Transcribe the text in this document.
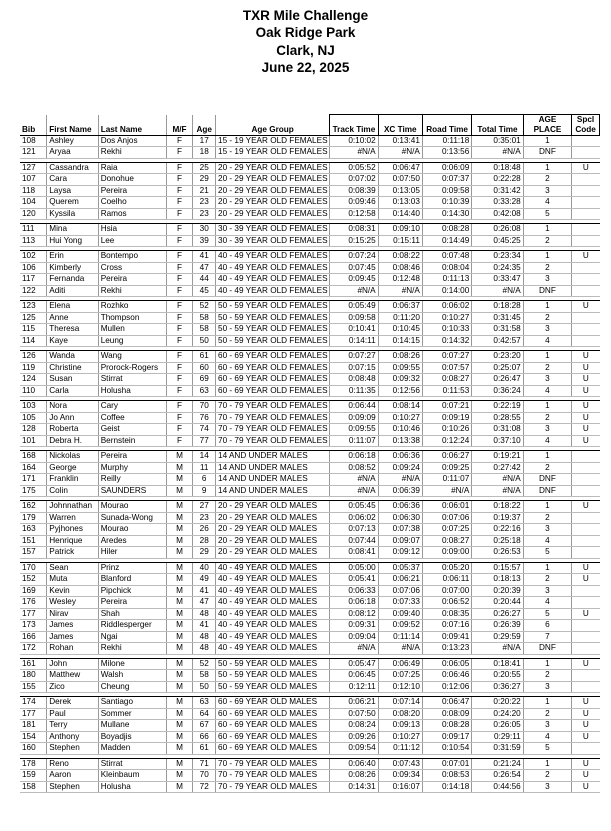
TXR Mile Challenge
Oak Ridge Park
Clark, NJ
June 22, 2025
Bib	First Name	Last Name	M/F	Age	Age Group	Track Time	XC Time	Road Time	Total Time	AGE PLACE	Spcl Code
108	Ashley	Dos Anjos	F	17	15 - 19 YEAR OLD FEMALES	0:10:02	0:13:41	0:11:18	0:35:01	1	
121	Aryaa	Rekhi	F	18	15 - 19 YEAR OLD FEMALES	#N/A	#N/A	0:13:56	#N/A	DNF	

127	Cassandra	Raia	F	25	20 - 29 YEAR OLD FEMALES	0:05:52	0:06:47	0:06:09	0:18:48	1	U
107	Cara	Donohue	F	29	20 - 29 YEAR OLD FEMALES	0:07:02	0:07:50	0:07:37	0:22:28	2	
118	Laysa	Pereira	F	21	20 - 29 YEAR OLD FEMALES	0:08:39	0:13:05	0:09:58	0:31:42	3	
104	Querem	Coelho	F	23	20 - 29 YEAR OLD FEMALES	0:09:46	0:13:03	0:10:39	0:33:28	4	
120	Kyssila	Ramos	F	23	20 - 29 YEAR OLD FEMALES	0:12:58	0:14:40	0:14:30	0:42:08	5	

111	Mina	Hsia	F	30	30 - 39 YEAR OLD FEMALES	0:08:31	0:09:10	0:08:28	0:26:08	1	
113	Hui Yong	Lee	F	39	30 - 39 YEAR OLD FEMALES	0:15:25	0:15:11	0:14:49	0:45:25	2	

102	Erin	Bontempo	F	41	40 - 49 YEAR OLD FEMALES	0:07:24	0:08:22	0:07:48	0:23:34	1	U
106	Kimberly	Cross	F	47	40 - 49 YEAR OLD FEMALES	0:07:45	0:08:46	0:08:04	0:24:35	2	
117	Fernanda	Pereira	F	44	40 - 49 YEAR OLD FEMALES	0:09:45	0:12:48	0:11:13	0:33:47	3	
122	Aditi	Rekhi	F	45	40 - 49 YEAR OLD FEMALES	#N/A	#N/A	0:14:00	#N/A	DNF	

123	Elena	Rozhko	F	52	50 - 59 YEAR OLD FEMALES	0:05:49	0:06:37	0:06:02	0:18:28	1	U
125	Anne	Thompson	F	58	50 - 59 YEAR OLD FEMALES	0:09:58	0:11:20	0:10:27	0:31:45	2	
115	Theresa	Mullen	F	58	50 - 59 YEAR OLD FEMALES	0:10:41	0:10:45	0:10:33	0:31:58	3	
114	Kaye	Leung	F	50	50 - 59 YEAR OLD FEMALES	0:14:11	0:14:15	0:14:32	0:42:57	4	

126	Wanda	Wang	F	61	60 - 69 YEAR OLD FEMALES	0:07:27	0:08:26	0:07:27	0:23:20	1	U
119	Christine	Prorock-Rogers	F	60	60 - 69 YEAR OLD FEMALES	0:07:15	0:09:55	0:07:57	0:25:07	2	U
124	Susan	Stirrat	F	69	60 - 69 YEAR OLD FEMALES	0:08:48	0:09:32	0:08:27	0:26:47	3	U
110	Carla	Holusha	F	63	60 - 69 YEAR OLD FEMALES	0:11:35	0:12:56	0:11:53	0:36:24	4	U

103	Nora	Cary	F	70	70 - 79 YEAR OLD FEMALES	0:06:44	0:08:14	0:07:21	0:22:19	1	U
105	Jo Ann	Coffee	F	76	70 - 79 YEAR OLD FEMALES	0:09:09	0:10:27	0:09:19	0:28:55	2	U
128	Roberta	Geist	F	74	70 - 79 YEAR OLD FEMALES	0:09:55	0:10:46	0:10:26	0:31:08	3	U
101	Debra H.	Bernstein	F	77	70 - 79 YEAR OLD FEMALES	0:11:07	0:13:38	0:12:24	0:37:10	4	U

168	Nickolas	Pereira	M	14	14 AND UNDER MALES	0:06:18	0:06:36	0:06:27	0:19:21	1	
164	George	Murphy	M	11	14 AND UNDER MALES	0:08:52	0:09:24	0:09:25	0:27:42	2	
171	Franklin	Reilly	M	6	14 AND UNDER MALES	#N/A	#N/A	0:11:07	#N/A	DNF	
175	Colin	SAUNDERS	M	9	14 AND UNDER MALES	#N/A	0:06:39	#N/A	#N/A	DNF	

162	Johnnathan	Mourao	M	27	20 - 29 YEAR OLD MALES	0:05:45	0:06:36	0:06:01	0:18:22	1	U
179	Warren	Sunada-Wong	M	23	20 - 29 YEAR OLD MALES	0:06:02	0:06:30	0:07:06	0:19:37	2	
163	Pyjhones	Mourao	M	26	20 - 29 YEAR OLD MALES	0:07:13	0:07:38	0:07:25	0:22:16	3	
151	Henrique	Aredes	M	28	20 - 29 YEAR OLD MALES	0:07:44	0:09:07	0:08:27	0:25:18	4	
157	Patrick	Hiler	M	29	20 - 29 YEAR OLD MALES	0:08:41	0:09:12	0:09:00	0:26:53	5	

170	Sean	Prinz	M	40	40 - 49 YEAR OLD MALES	0:05:00	0:05:37	0:05:20	0:15:57	1	U
152	Muta	Blanford	M	49	40 - 49 YEAR OLD MALES	0:05:41	0:06:21	0:06:11	0:18:13	2	U
169	Kevin	Pipchick	M	41	40 - 49 YEAR OLD MALES	0:06:33	0:07:06	0:07:00	0:20:39	3	
176	Wesley	Pereira	M	47	40 - 49 YEAR OLD MALES	0:06:18	0:07:33	0:06:52	0:20:44	4	
177	Nirav	Shah	M	48	40 - 49 YEAR OLD MALES	0:08:12	0:09:40	0:08:35	0:26:27	5	U
173	James	Riddlesperger	M	41	40 - 49 YEAR OLD MALES	0:09:31	0:09:52	0:07:16	0:26:39	6	
166	James	Ngai	M	48	40 - 49 YEAR OLD MALES	0:09:04	0:11:14	0:09:41	0:29:59	7	
172	Rohan	Rekhi	M	48	40 - 49 YEAR OLD MALES	#N/A	#N/A	0:13:23	#N/A	DNF	

161	John	Milone	M	52	50 - 59 YEAR OLD MALES	0:05:47	0:06:49	0:06:05	0:18:41	1	U
180	Matthew	Walsh	M	58	50 - 59 YEAR OLD MALES	0:06:45	0:07:25	0:06:46	0:20:55	2	
155	Zico	Cheung	M	50	50 - 59 YEAR OLD MALES	0:12:11	0:12:10	0:12:06	0:36:27	3	

174	Derek	Santiago	M	63	60 - 69 YEAR OLD MALES	0:06:21	0:07:14	0:06:47	0:20:22	1	U
177	Paul	Sommer	M	64	60 - 69 YEAR OLD MALES	0:07:50	0:08:20	0:08:09	0:24:20	2	U
181	Terry	Mullane	M	67	60 - 69 YEAR OLD MALES	0:08:24	0:09:13	0:08:28	0:26:05	3	U
154	Anthony	Boyadjis	M	66	60 - 69 YEAR OLD MALES	0:09:26	0:10:27	0:09:17	0:29:11	4	U
160	Stephen	Madden	M	61	60 - 69 YEAR OLD MALES	0:09:54	0:11:12	0:10:54	0:31:59	5	

178	Reno	Stirrat	M	71	70 - 79 YEAR OLD MALES	0:06:40	0:07:43	0:07:01	0:21:24	1	U
159	Aaron	Kleinbaum	M	70	70 - 79 YEAR OLD MALES	0:08:26	0:09:34	0:08:53	0:26:54	2	U
158	Stephen	Holusha	M	72	70 - 79 YEAR OLD MALES	0:14:31	0:16:07	0:14:18	0:44:56	3	U
